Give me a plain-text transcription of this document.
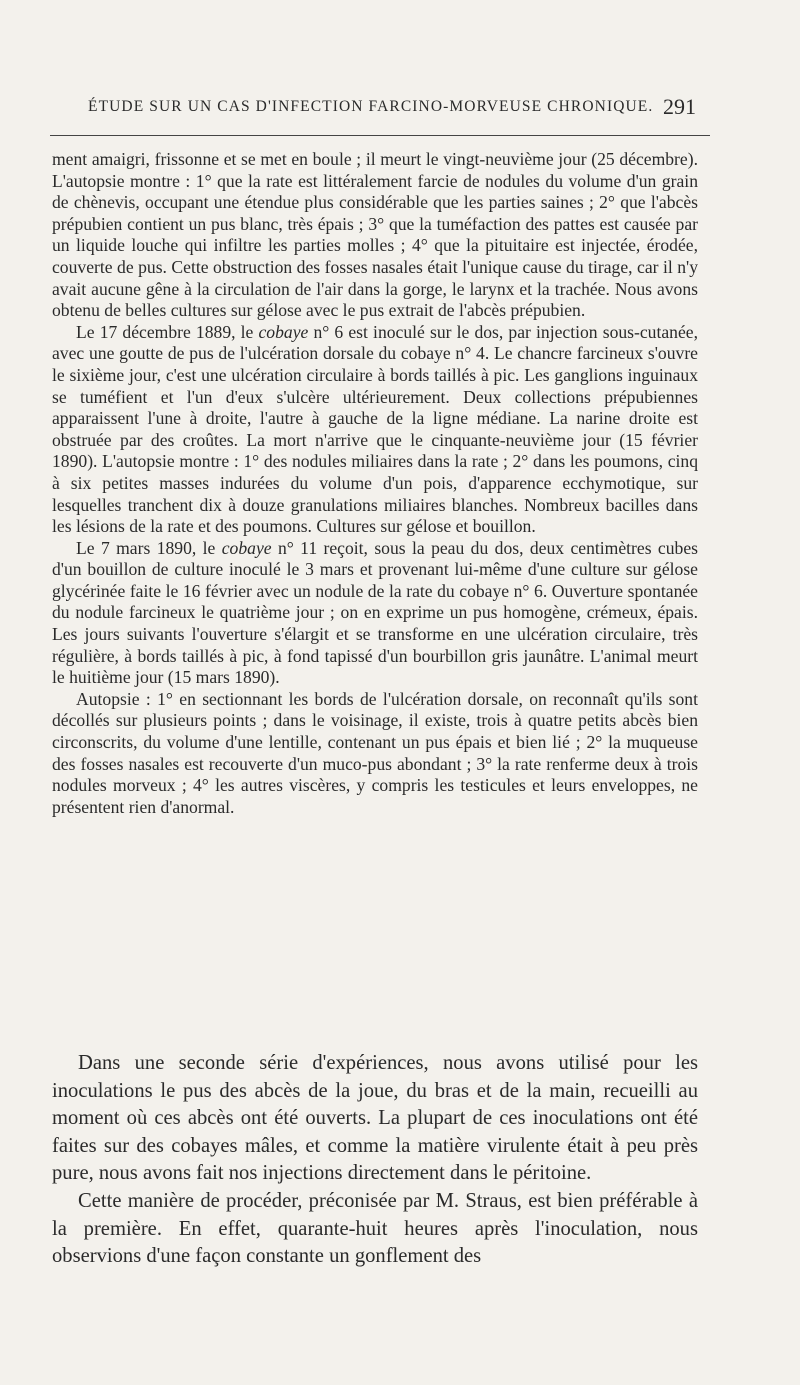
ÉTUDE SUR UN CAS D'INFECTION FARCINO-MORVEUSE CHRONIQUE. 291

ment amaigri, frissonne et se met en boule ; il meurt le vingt-neuvième jour (25 décembre). L'autopsie montre : 1° que la rate est littéralement farcie de nodules du volume d'un grain de chènevis, occupant une étendue plus considérable que les parties saines ; 2° que l'abcès prépubien contient un pus blanc, très épais ; 3° que la tuméfaction des pattes est causée par un liquide louche qui infiltre les parties molles ; 4° que la pituitaire est injectée, érodée, couverte de pus. Cette obstruction des fosses nasales était l'unique cause du tirage, car il n'y avait aucune gêne à la circulation de l'air dans la gorge, le larynx et la trachée. Nous avons obtenu de belles cultures sur gélose avec le pus extrait de l'abcès prépubien.

Le 17 décembre 1889, le cobaye n° 6 est inoculé sur le dos, par injection sous-cutanée, avec une goutte de pus de l'ulcération dorsale du cobaye n° 4. Le chancre farcineux s'ouvre le sixième jour, c'est une ulcération circulaire à bords taillés à pic. Les ganglions inguinaux se tuméfient et l'un d'eux s'ulcère ultérieurement. Deux collections prépubiennes apparaissent l'une à droite, l'autre à gauche de la ligne médiane. La narine droite est obstruée par des croûtes. La mort n'arrive que le cinquante-neuvième jour (15 février 1890). L'autopsie montre : 1° des nodules miliaires dans la rate ; 2° dans les poumons, cinq à six petites masses indurées du volume d'un pois, d'apparence ecchymotique, sur lesquelles tranchent dix à douze granulations miliaires blanches. Nombreux bacilles dans les lésions de la rate et des poumons. Cultures sur gélose et bouillon.

Le 7 mars 1890, le cobaye n° 11 reçoit, sous la peau du dos, deux centimètres cubes d'un bouillon de culture inoculé le 3 mars et provenant lui-même d'une culture sur gélose glycérinée faite le 16 février avec un nodule de la rate du cobaye n° 6. Ouverture spontanée du nodule farcineux le quatrième jour ; on en exprime un pus homogène, crémeux, épais. Les jours suivants l'ouverture s'élargit et se transforme en une ulcération circulaire, très régulière, à bords taillés à pic, à fond tapissé d'un bourbillon gris jaunâtre. L'animal meurt le huitième jour (15 mars 1890).

Autopsie : 1° en sectionnant les bords de l'ulcération dorsale, on reconnaît qu'ils sont décollés sur plusieurs points ; dans le voisinage, il existe, trois à quatre petits abcès bien circonscrits, du volume d'une lentille, contenant un pus épais et bien lié ; 2° la muqueuse des fosses nasales est recouverte d'un muco-pus abondant ; 3° la rate renferme deux à trois nodules morveux ; 4° les autres viscères, y compris les testicules et leurs enveloppes, ne présentent rien d'anormal.

Dans une seconde série d'expériences, nous avons utilisé pour les inoculations le pus des abcès de la joue, du bras et de la main, recueilli au moment où ces abcès ont été ouverts. La plupart de ces inoculations ont été faites sur des cobayes mâles, et comme la matière virulente était à peu près pure, nous avons fait nos injections directement dans le péritoine.

Cette manière de procéder, préconisée par M. Straus, est bien préférable à la première. En effet, quarante-huit heures après l'inoculation, nous observions d'une façon constante un gonflement des
